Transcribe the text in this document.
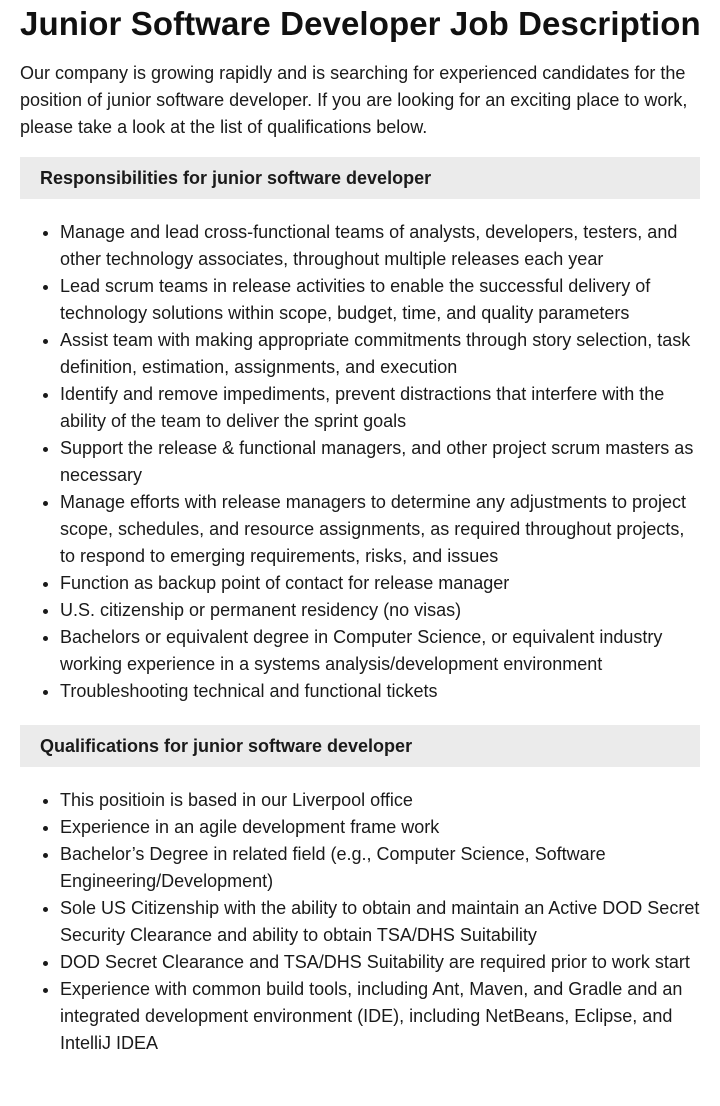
Junior Software Developer Job Description

Our company is growing rapidly and is searching for experienced candidates for the position of junior software developer. If you are looking for an exciting place to work, please take a look at the list of qualifications below.

Responsibilities for junior software developer
• Manage and lead cross-functional teams of analysts, developers, testers, and other technology associates, throughout multiple releases each year
• Lead scrum teams in release activities to enable the successful delivery of technology solutions within scope, budget, time, and quality parameters
• Assist team with making appropriate commitments through story selection, task definition, estimation, assignments, and execution
• Identify and remove impediments, prevent distractions that interfere with the ability of the team to deliver the sprint goals
• Support the release & functional managers, and other project scrum masters as necessary
• Manage efforts with release managers to determine any adjustments to project scope, schedules, and resource assignments, as required throughout projects, to respond to emerging requirements, risks, and issues
• Function as backup point of contact for release manager
• U.S. citizenship or permanent residency (no visas)
• Bachelors or equivalent degree in Computer Science, or equivalent industry working experience in a systems analysis/development environment
• Troubleshooting technical and functional tickets
Qualifications for junior software developer
• This positioin is based in our Liverpool office
• Experience in an agile development frame work
• Bachelor’s Degree in related field (e.g., Computer Science, Software Engineering/Development)
• Sole US Citizenship with the ability to obtain and maintain an Active DOD Secret Security Clearance and ability to obtain TSA/DHS Suitability
• DOD Secret Clearance and TSA/DHS Suitability are required prior to work start
• Experience with common build tools, including Ant, Maven, and Gradle and an integrated development environment (IDE), including NetBeans, Eclipse, and IntelliJ IDEA
